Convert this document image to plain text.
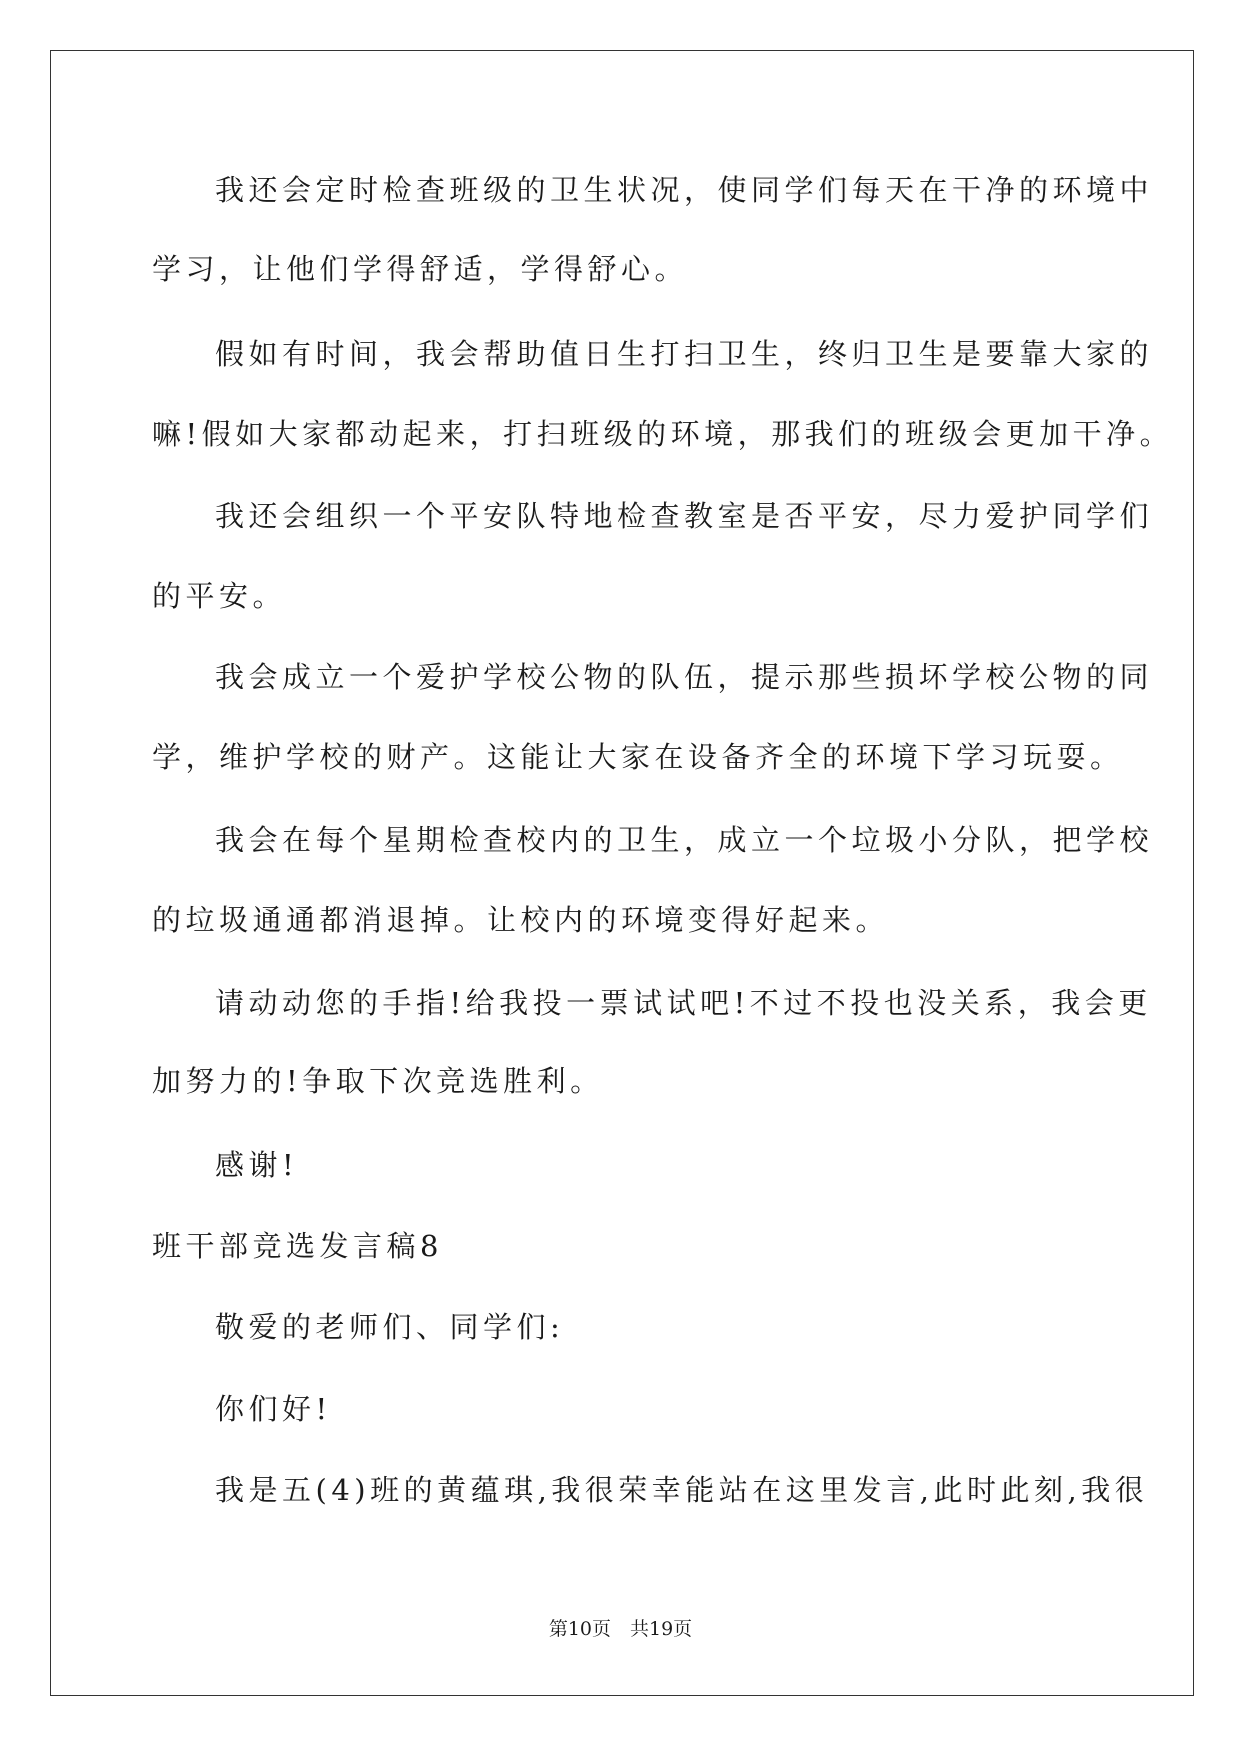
我还会定时检查班级的卫生状况，使同学们每天在干净的环境中

学习，让他们学得舒适，学得舒心。

假如有时间，我会帮助值日生打扫卫生，终归卫生是要靠大家的

嘛!假如大家都动起来，打扫班级的环境，那我们的班级会更加干净。

我还会组织一个平安队特地检查教室是否平安，尽力爱护同学们

的平安。

我会成立一个爱护学校公物的队伍，提示那些损坏学校公物的同

学，维护学校的财产。这能让大家在设备齐全的环境下学习玩耍。

我会在每个星期检查校内的卫生，成立一个垃圾小分队，把学校

的垃圾通通都消退掉。让校内的环境变得好起来。

请动动您的手指!给我投一票试试吧!不过不投也没关系，我会更

加努力的!争取下次竞选胜利。

感谢!

班干部竞选发言稿8

敬爱的老师们、同学们:

你们好!

我是五(4)班的黄蕴琪,我很荣幸能站在这里发言,此时此刻,我很

第10页　共19页
